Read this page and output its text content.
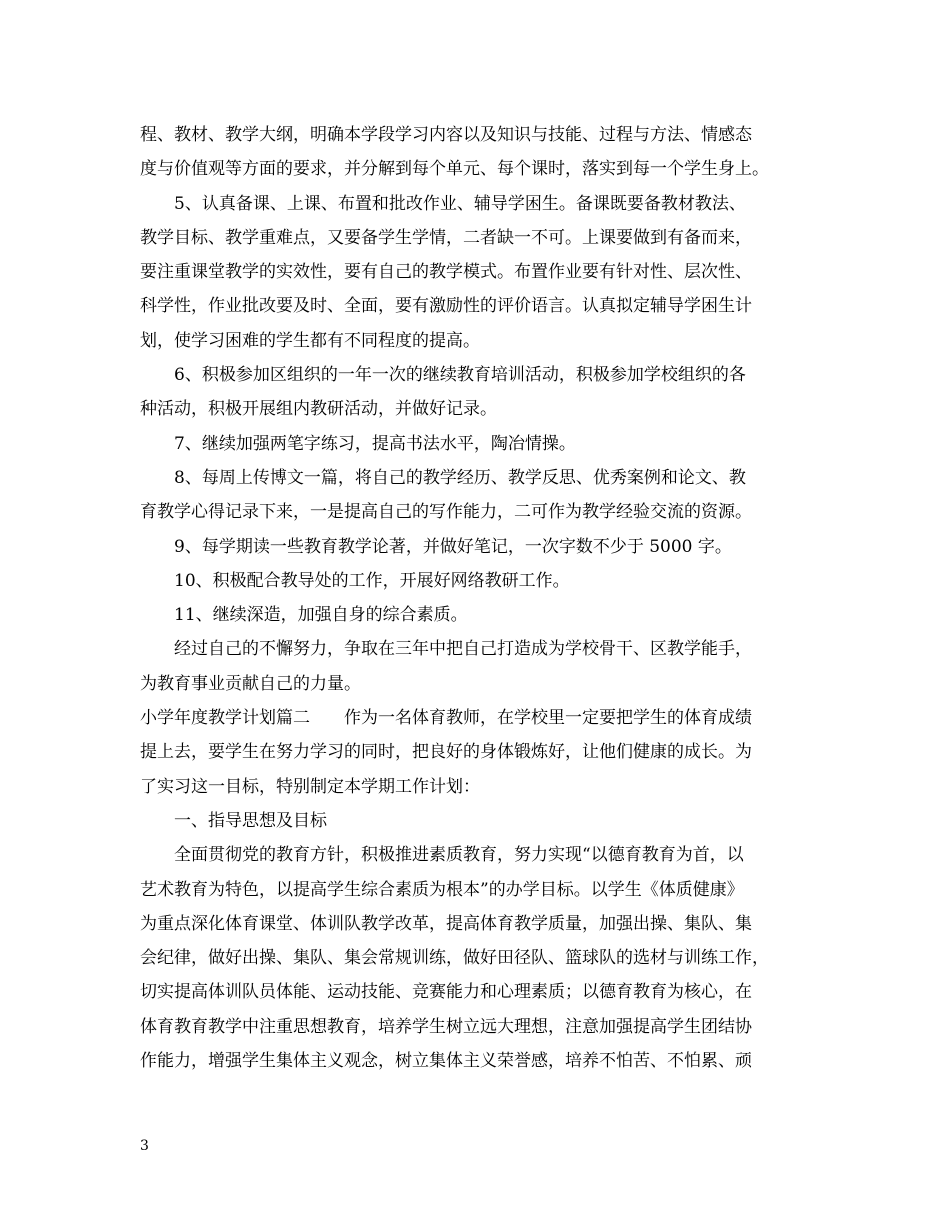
程、教材、教学大纲，明确本学段学习内容以及知识与技能、过程与方法、情感态
度与价值观等方面的要求，并分解到每个单元、每个课时，落实到每一个学生身上。
5、认真备课、上课、布置和批改作业、辅导学困生。备课既要备教材教法、
教学目标、教学重难点，又要备学生学情，二者缺一不可。上课要做到有备而来，
要注重课堂教学的实效性，要有自己的教学模式。布置作业要有针对性、层次性、
科学性，作业批改要及时、全面，要有激励性的评价语言。认真拟定辅导学困生计
划，使学习困难的学生都有不同程度的提高。
6、积极参加区组织的一年一次的继续教育培训活动，积极参加学校组织的各
种活动，积极开展组内教研活动，并做好记录。
7、继续加强两笔字练习，提高书法水平，陶冶情操。
8、每周上传博文一篇，将自己的教学经历、教学反思、优秀案例和论文、教
育教学心得记录下来，一是提高自己的写作能力，二可作为教学经验交流的资源。
9、每学期读一些教育教学论著，并做好笔记，一次字数不少于 5000 字。
10、积极配合教导处的工作，开展好网络教研工作。
11、继续深造，加强自身的综合素质。
经过自己的不懈努力，争取在三年中把自己打造成为学校骨干、区教学能手，
为教育事业贡献自己的力量。
小学年度教学计划篇二　　作为一名体育教师，在学校里一定要把学生的体育成绩
提上去，要学生在努力学习的同时，把良好的身体锻炼好，让他们健康的成长。为
了实习这一目标，特别制定本学期工作计划：
一、指导思想及目标
全面贯彻党的教育方针，积极推进素质教育，努力实现“以德育教育为首，以
艺术教育为特色，以提高学生综合素质为根本”的办学目标。以学生《体质健康》
为重点深化体育课堂、体训队教学改革，提高体育教学质量，加强出操、集队、集
会纪律，做好出操、集队、集会常规训练，做好田径队、篮球队的选材与训练工作，
切实提高体训队员体能、运动技能、竞赛能力和心理素质；以德育教育为核心，在
体育教育教学中注重思想教育，培养学生树立远大理想，注意加强提高学生团结协
作能力，增强学生集体主义观念，树立集体主义荣誉感，培养不怕苦、不怕累、顽
3
